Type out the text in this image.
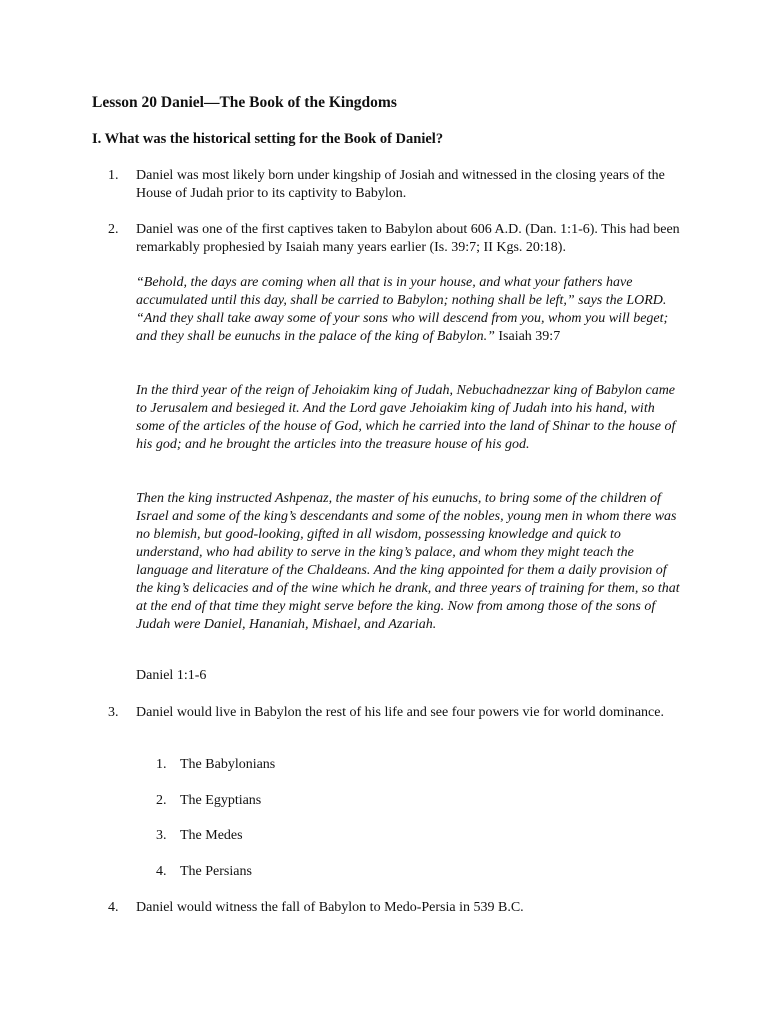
Lesson 20 Daniel—The Book of the Kingdoms
I. What was the historical setting for the Book of Daniel?
1.	Daniel was most likely born under kingship of Josiah and witnessed in the closing years of the House of Judah prior to its captivity to Babylon.
2.	Daniel was one of the first captives taken to Babylon about 606 A.D. (Dan. 1:1-6). This had been remarkably prophesied by Isaiah many years earlier (Is. 39:7; II Kgs. 20:18).
“Behold, the days are coming when all that is in your house, and what your fathers have accumulated until this day, shall be carried to Babylon; nothing shall be left,” says the LORD. “And they shall take away some of your sons who will descend from you, whom you will beget; and they shall be eunuchs in the palace of the king of Babylon.” Isaiah 39:7
In the third year of the reign of Jehoiakim king of Judah, Nebuchadnezzar king of Babylon came to Jerusalem and besieged it. And the Lord gave Jehoiakim king of Judah into his hand, with some of the articles of the house of God, which he carried into the land of Shinar to the house of his god; and he brought the articles into the treasure house of his god.
Then the king instructed Ashpenaz, the master of his eunuchs, to bring some of the children of Israel and some of the king’s descendants and some of the nobles, young men in whom there was no blemish, but good-looking, gifted in all wisdom, possessing knowledge and quick to understand, who had ability to serve in the king’s palace, and whom they might teach the language and literature of the Chaldeans. And the king appointed for them a daily provision of the king’s delicacies and of the wine which he drank, and three years of training for them, so that at the end of that time they might serve before the king. Now from among those of the sons of Judah were Daniel, Hananiah, Mishael, and Azariah.
Daniel 1:1-6
3.	Daniel would live in Babylon the rest of his life and see four powers vie for world dominance.
1. The Babylonians
2. The Egyptians
3. The Medes
4. The Persians
4.	Daniel would witness the fall of Babylon to Medo-Persia in 539 B.C.
